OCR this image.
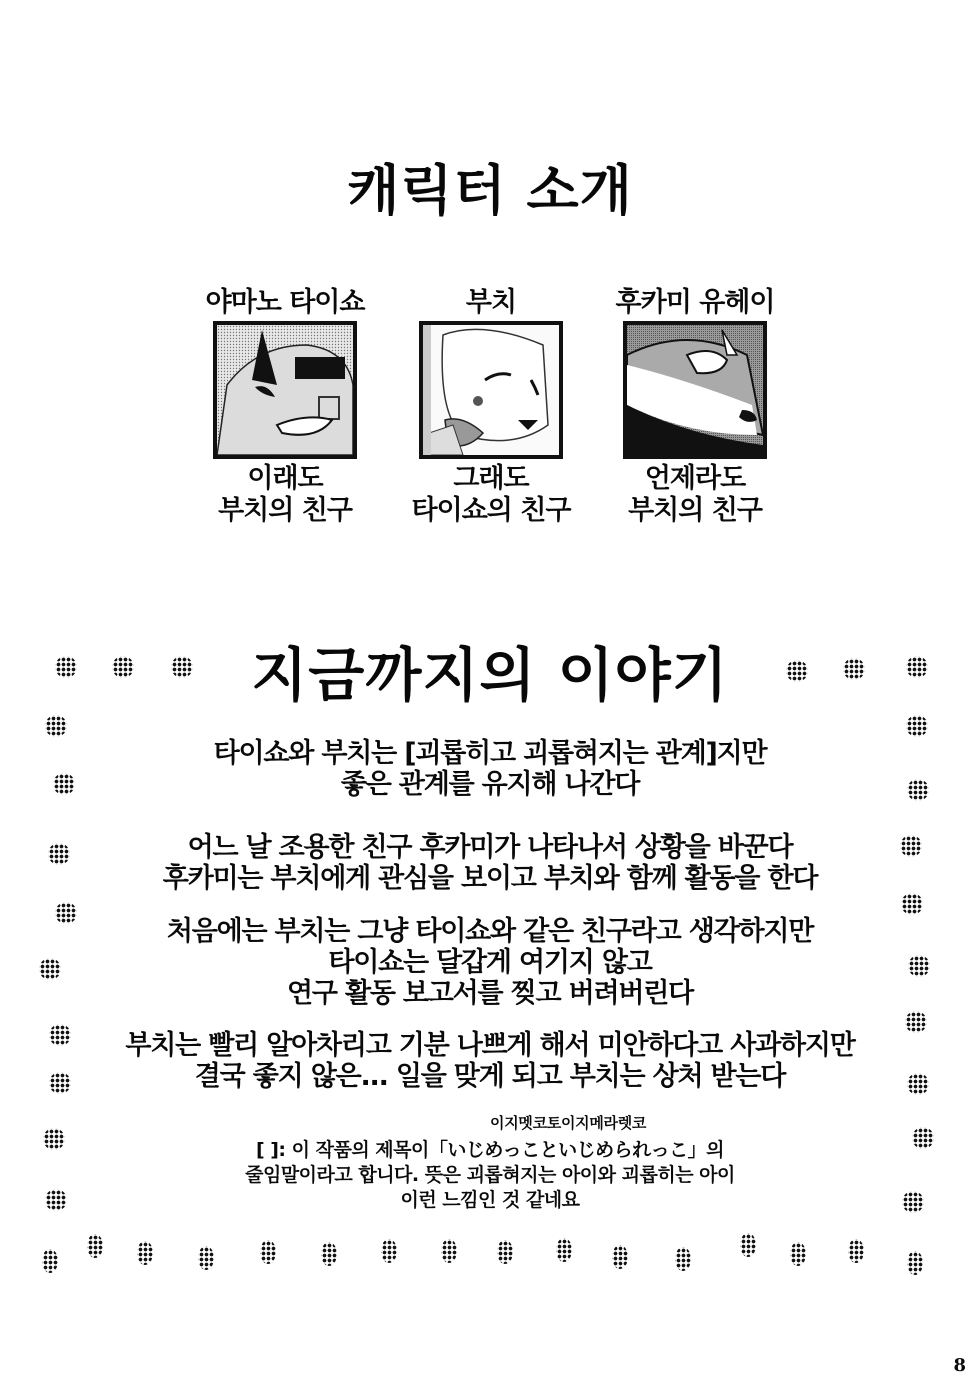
캐릭터 소개
야마노 타이쇼
이래도
부치의 친구
부치
그래도
타이쇼의 친구
후카미 유헤이
언제라도
부치의 친구
지금까지의 이야기
타이쇼와 부치는 [괴롭히고 괴롭혀지는 관계]지만
좋은 관계를 유지해 나간다
어느 날 조용한 친구 후카미가 나타나서 상황을 바꾼다
후카미는 부치에게 관심을 보이고 부치와 함께 활동을 한다
처음에는 부치는 그냥 타이쇼와 같은 친구라고 생각하지만
타이쇼는 달갑게 여기지 않고
연구 활동 보고서를 찢고 버려버린다
부치는 빨리 알아차리고 기분 나쁘게 해서 미안하다고 사과하지만
결국 좋지 않은... 일을 맞게 되고 부치는 상처 받는다
이지멧코토이지메라렛코
[ ]: 이 작품의 제목이「いじめっこといじめられっこ」의
줄임말이라고 합니다. 뜻은 괴롭혀지는 아이와 괴롭히는 아이
이런 느낌인 것 같네요
8
